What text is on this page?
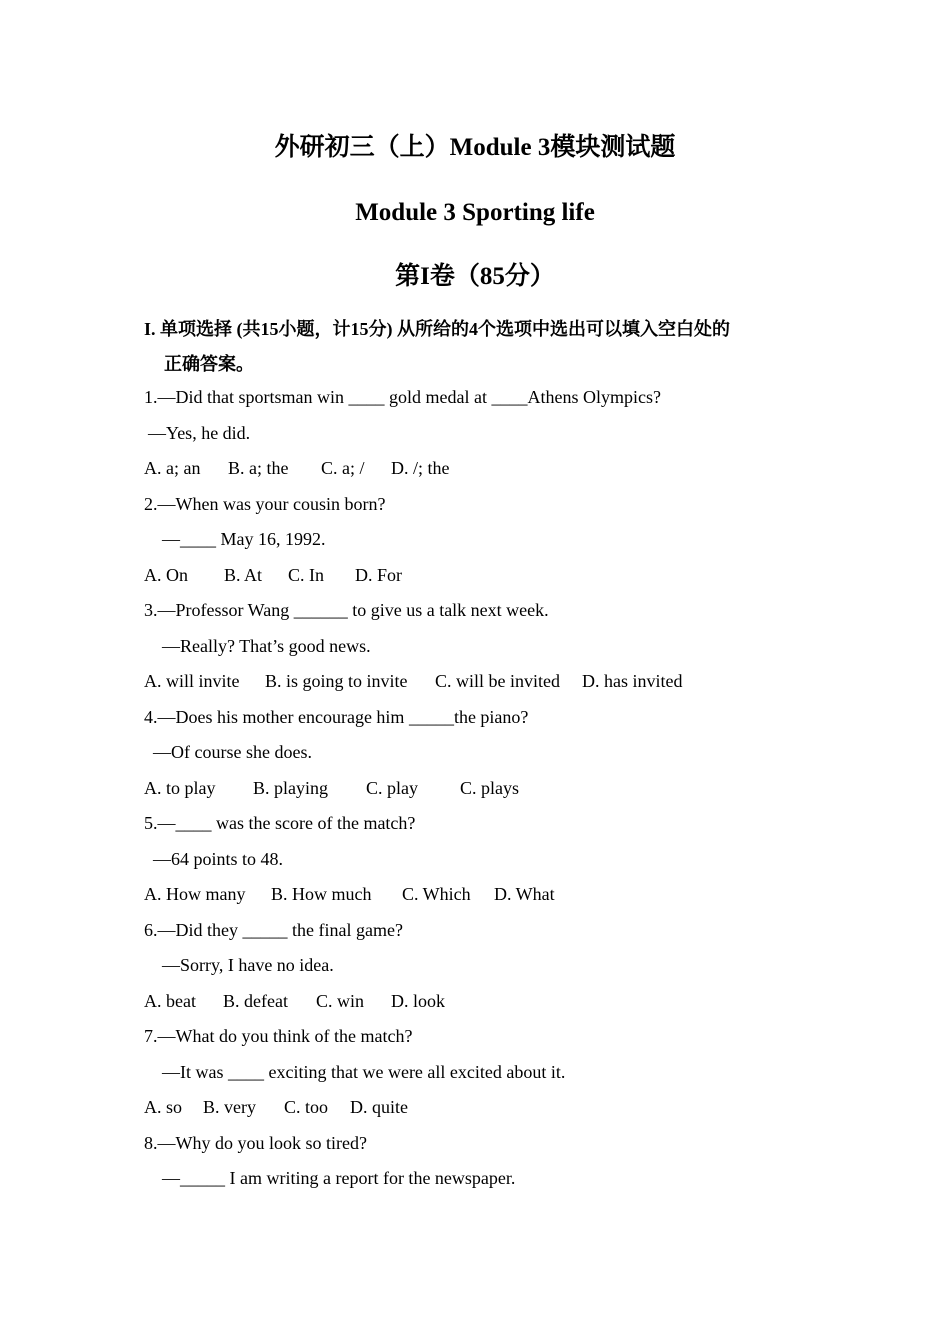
外研初三（上）Module 3模块测试题
Module 3 Sporting life
第I卷（85分）
I. 单项选择 (共15小题，计15分) 从所给的4个选项中选出可以填入空白处的
正确答案。
1.—Did that sportsman win ____ gold medal at ____Athens Olympics?
—Yes, he did.
A. a; an B. a; the C. a; / D. /; the
2.—When was your cousin born?
—____ May 16, 1992.
A. On B. At C. In D. For
3.—Professor Wang ______ to give us a talk next week.
—Really? That’s good news.
A. will invite B. is going to invite C. will be invited D. has invited
4.—Does his mother encourage him _____the piano?
—Of course she does.
A. to play B. playing C. play C. plays
5.—____ was the score of the match?
—64 points to 48.
A. How many B. How much C. Which D. What
6.—Did they _____ the final game?
—Sorry, I have no idea.
A. beat B. defeat C. win D. look
7.—What do you think of the match?
—It was ____ exciting that we were all excited about it.
A. so B. very C. too D. quite
8.—Why do you look so tired?
—_____ I am writing a report for the newspaper.
